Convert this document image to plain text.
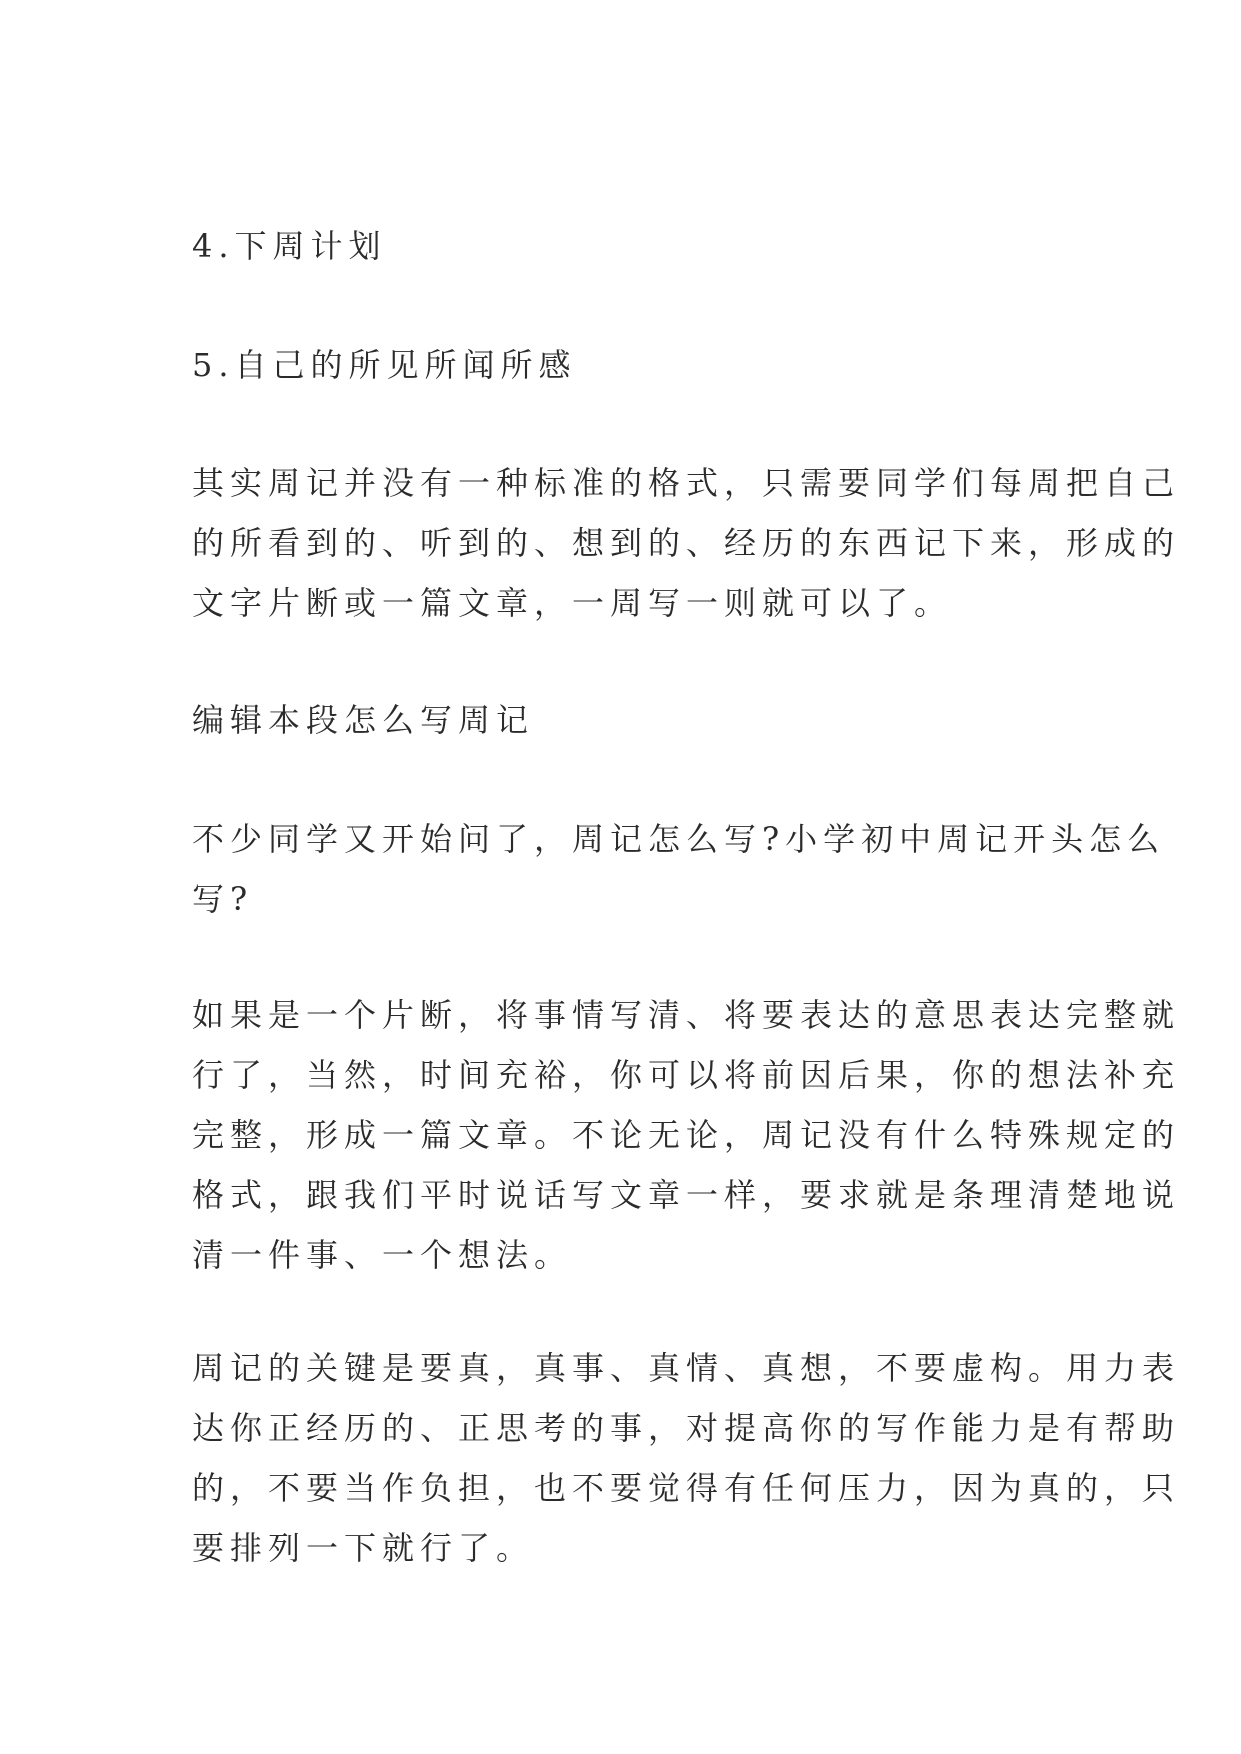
4.下周计划

5.自己的所见所闻所感

其实周记并没有一种标准的格式，只需要同学们每周把自己
的所看到的、听到的、想到的、经历的东西记下来，形成的
文字片断或一篇文章，一周写一则就可以了。

编辑本段怎么写周记

不少同学又开始问了，周记怎么写?小学初中周记开头怎么
写?

如果是一个片断，将事情写清、将要表达的意思表达完整就
行了，当然，时间充裕，你可以将前因后果，你的想法补充
完整，形成一篇文章。不论无论，周记没有什么特殊规定的
格式，跟我们平时说话写文章一样，要求就是条理清楚地说
清一件事、一个想法。

周记的关键是要真，真事、真情、真想，不要虚构。用力表
达你正经历的、正思考的事，对提高你的写作能力是有帮助
的，不要当作负担，也不要觉得有任何压力，因为真的，只
要排列一下就行了。
